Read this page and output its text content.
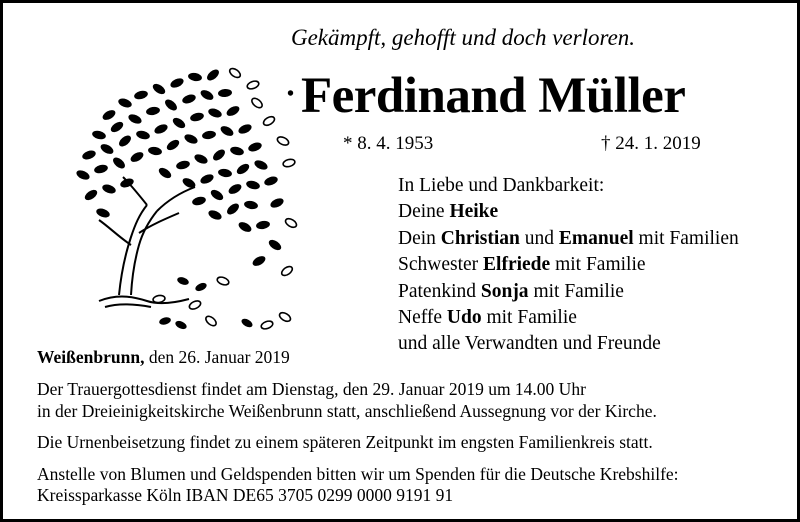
Gekämpft, gehofft und doch verloren.
• Ferdinand Müller
* 8. 4. 1953	† 24. 1. 2019
In Liebe und Dankbarkeit:
Deine Heike
Dein Christian und Emanuel mit Familien
Schwester Elfriede mit Familie
Patenkind Sonja mit Familie
Neffe Udo mit Familie
und alle Verwandten und Freunde
Weißenbrunn, den 26. Januar 2019

Der Trauergottesdienst findet am Dienstag, den 29. Januar 2019 um 14.00 Uhr

in der Dreieinigkeitskirche Weißenbrunn statt, anschließend Aussegnung vor der Kirche.

Die Urnenbeisetzung findet zu einem späteren Zeitpunkt im engsten Familienkreis statt.

Anstelle von Blumen und Geldspenden bitten wir um Spenden für die Deutsche Krebshilfe:

Kreissparkasse Köln IBAN DE65 3705 0299 0000 9191 91
